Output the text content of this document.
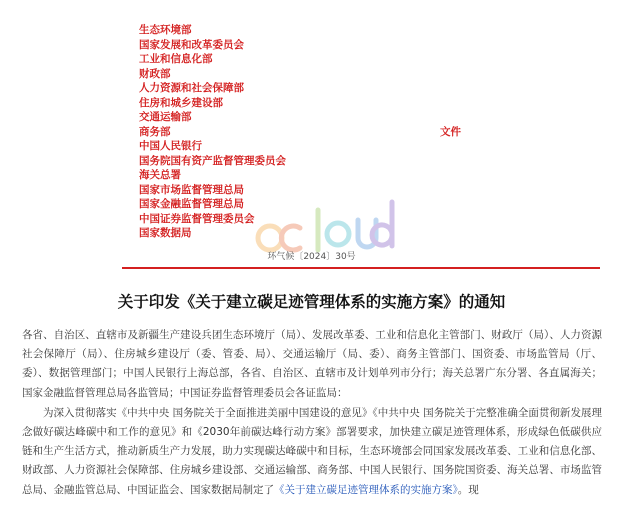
生态环境部
国家发展和改革委员会
工业和信息化部
财政部
人力资源和社会保障部
住房和城乡建设部
交通运输部
商务部
中国人民银行
国务院国有资产监督管理委员会
海关总署
国家市场监督管理总局
国家金融监督管理总局
中国证券监督管理委员会
国家数据局
文件
环气候〔2024〕30号
关于印发《关于建立碳足迹管理体系的实施方案》的通知

各省、自治区、直辖市及新疆生产建设兵团生态环境厅（局）、发展改革委、工业和信息化主管部门、财政厅（局）、人力资源社会保障厅（局）、住房城乡建设厅（委、管委、局）、交通运输厅（局、委）、商务主管部门、国资委、市场监管局（厅、委）、数据管理部门；中国人民银行上海总部，各省、自治区、直辖市及计划单列市分行；海关总署广东分署、各直属海关；国家金融监督管理总局各监管局；中国证券监督管理委员会各证监局：

为深入贯彻落实《中共中央 国务院关于全面推进美丽中国建设的意见》《中共中央 国务院关于完整准确全面贯彻新发展理念做好碳达峰碳中和工作的意见》和《2030年前碳达峰行动方案》部署要求，加快建立碳足迹管理体系，形成绿色低碳供应链和生产生活方式，推动新质生产力发展，助力实现碳达峰碳中和目标，生态环境部会同国家发展改革委、工业和信息化部、财政部、人力资源社会保障部、住房城乡建设部、交通运输部、商务部、中国人民银行、国务院国资委、海关总署、市场监管总局、金融监管总局、中国证监会、国家数据局制定了《关于建立碳足迹管理体系的实施方案》。现
